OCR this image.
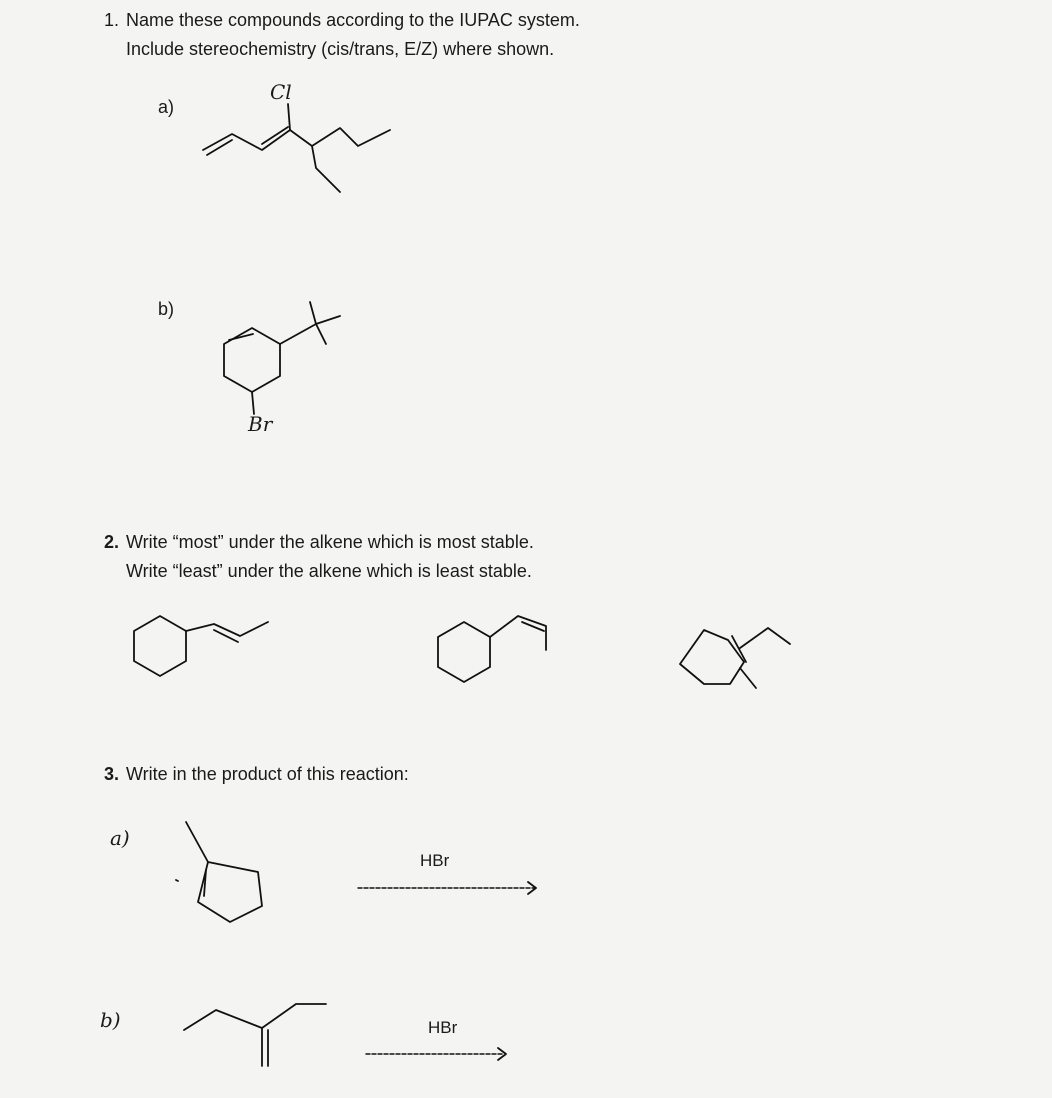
1. Name these compounds according to the IUPAC system.
Include stereochemistry (cis/trans, E/Z) where shown.
a)
b)
Cl
Br
2. Write “most” under the alkene which is most stable.
Write “least” under the alkene which is least stable.
3. Write in the product of this reaction:
a)
b)
HBr
HBr
